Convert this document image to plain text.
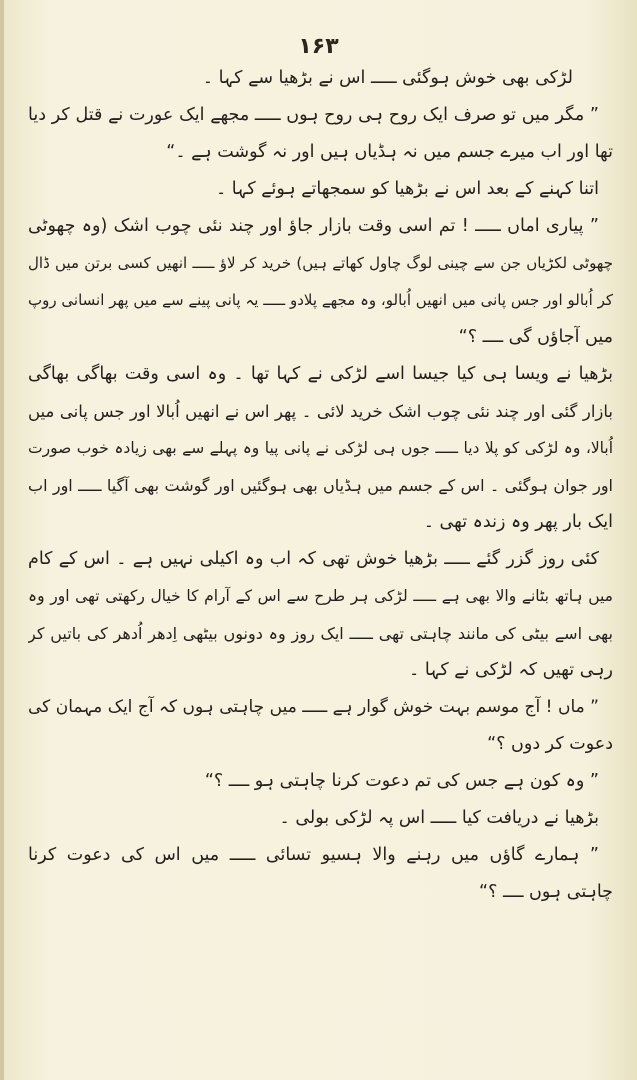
۱۶۳
لڑکی بھی خوش ہوگئی ـــــ اس نے بڑھیا سے کہا ۔
” مگر میں تو صرف ایک روح ہی روح ہوں ـــــ مجھے ایک عورت نے قتل کر دیا
تھا اور اب میرے جسم میں نہ ہڈیاں ہیں اور نہ گوشت ہے ۔“
اتنا کہنے کے بعد اس نے بڑھیا کو سمجھاتے ہوئے کہا ۔
” پیاری اماں ـــــ ! تم اسی وقت بازار جاؤ اور چند نئی چوب اشک (وہ چھوٹی
چھوٹی لکڑیاں جن سے چینی لوگ چاول کھاتے ہیں) خرید کر لاؤ ـــــ انھیں کسی برتن میں ڈال
کر اُبالو اور جس پانی میں انھیں اُبالو، وہ مجھے پلادو ـــــ یہ پانی پینے سے میں پھر انسانی روپ
میں آجاؤں گی ــــ ؟“
بڑھیا نے ویسا ہی کیا جیسا اسے لڑکی نے کہا تھا ۔ وہ اسی وقت بھاگی بھاگی
بازار گئی اور چند نئی چوب اشک خرید لائی ۔ پھر اس نے انھیں اُبالا اور جس پانی میں
اُبالا، وہ لڑکی کو پلا دیا ـــــ جوں ہی لڑکی نے پانی پیا وہ پہلے سے بھی زیادہ خوب صورت
اور جوان ہوگئی ۔ اس کے جسم میں ہڈیاں بھی ہوگئیں اور گوشت بھی آگیا ـــــ اور اب
ایک بار پھر وہ زندہ تھی ۔
کئی روز گزر گئے ـــــ بڑھیا خوش تھی کہ اب وہ اکیلی نہیں ہے ۔ اس کے کام
میں ہاتھ بٹانے والا بھی ہے ـــــ لڑکی ہر طرح سے اس کے آرام کا خیال رکھتی تھی اور وہ
بھی اسے بیٹی کی مانند چاہتی تھی ـــــ ایک روز وہ دونوں بیٹھی اِدھر اُدھر کی باتیں کر
رہی تھیں کہ لڑکی نے کہا ۔
” ماں ! آج موسم بہت خوش گوار ہے ـــــ میں چاہتی ہوں کہ آج ایک مہمان کی
دعوت کر دوں ؟“
” وہ کون ہے جس کی تم دعوت کرنا چاہتی ہو ــــ ؟“
بڑھیا نے دریافت کیا ـــــ اس پہ لڑکی بولی ۔
” ہمارے گاؤں میں رہنے والا ہسیو تسائی ـــــ میں اس کی دعوت کرنا
چاہتی ہوں ــــ ؟“
